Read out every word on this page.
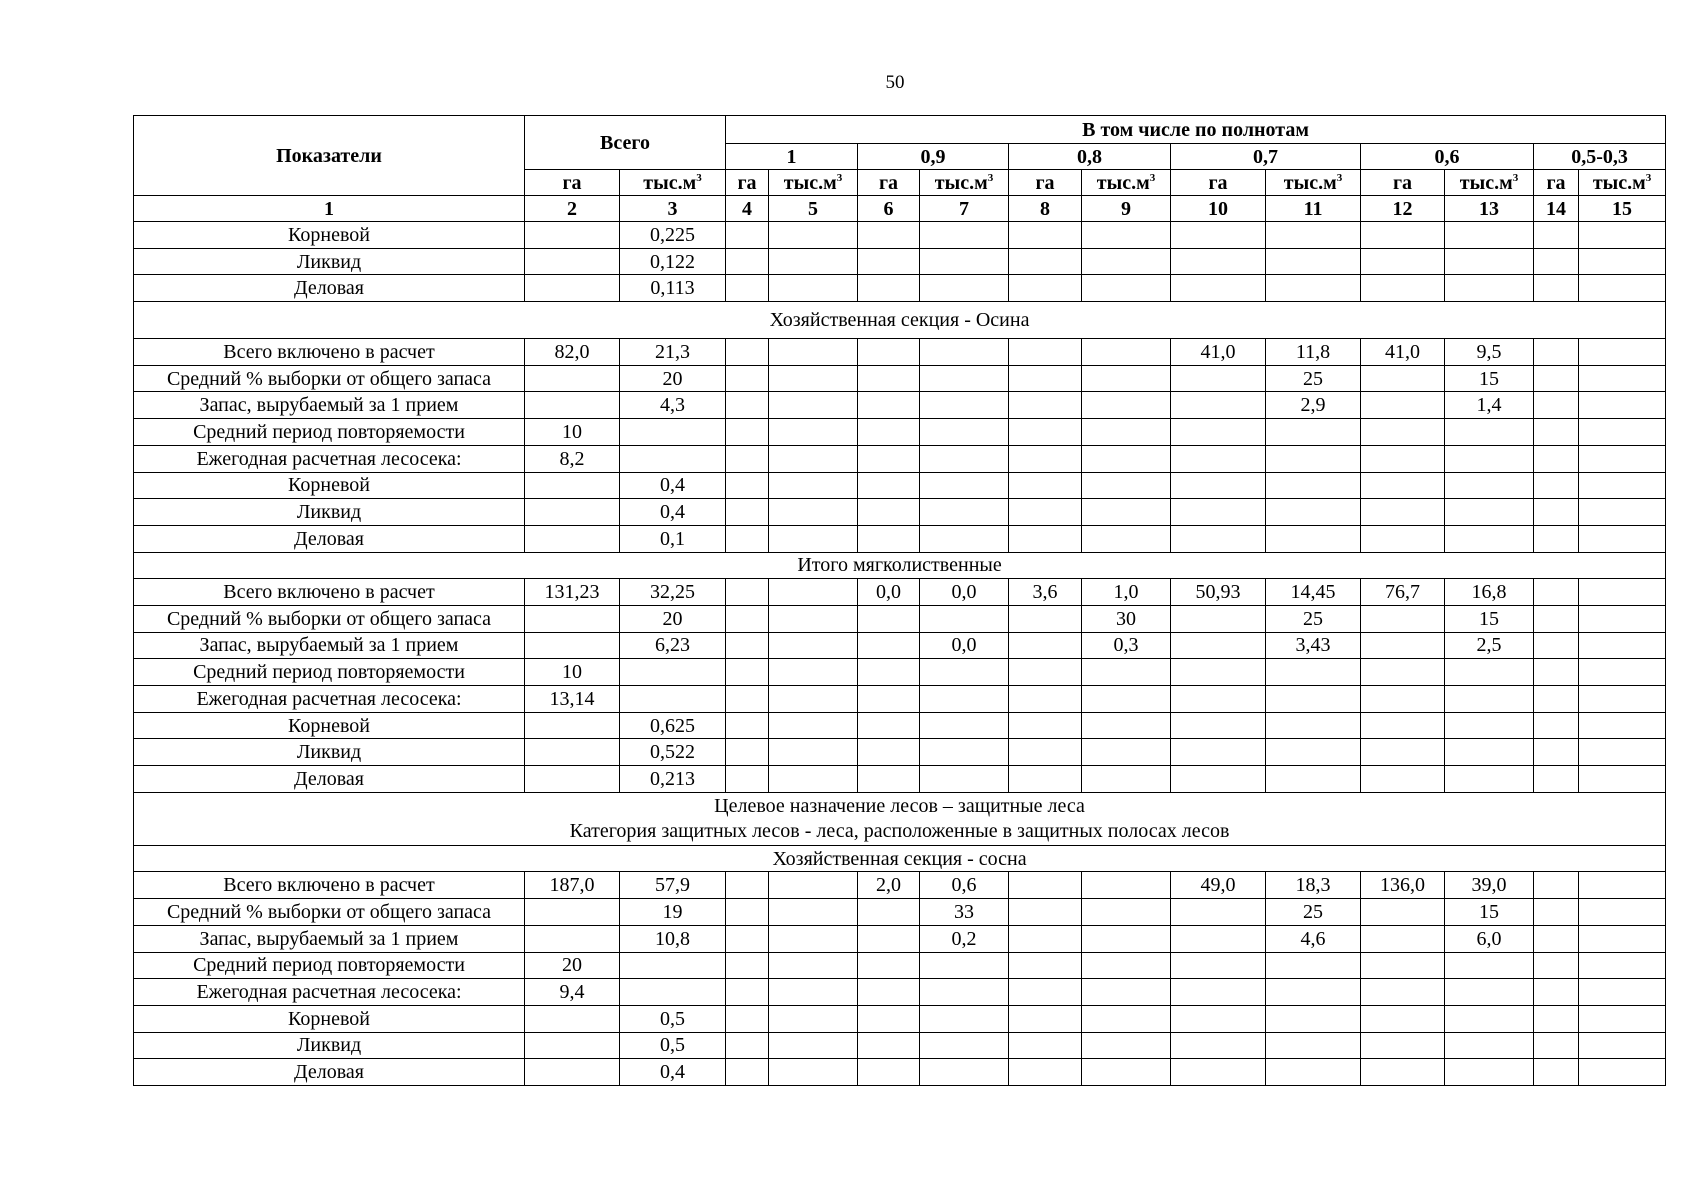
50
Показатели	Всего		В том числе по полнотам											
			1		0,9		0,8		0,7		0,6		0,5-0,3	
	га	$тыс.м^3$	га	$тыс.м^3$	га	$тыс.м^3$	га	$тыс.м^3$	га	$тыс.м^3$	га	$тыс.м^3$	га	$тыс.м^3$
1	2	3	4	5	6	7	8	9	10	11	12	13	14	15
Корневой		0,225												
Ликвид		0,122												
Деловая		0,113												
Хозяйственная секция - Осина														
Всего включено в расчет	82,0	21,3							41,0	11,8	41,0	9,5		
Средний % выборки от общего запаса		20								25		15		
Запас, вырубаемый за 1 прием		4,3								2,9		1,4		
Средний период повторяемости	10													
Ежегодная расчетная лесосека:	8,2													
Корневой		0,4												
Ликвид		0,4												
Деловая		0,1												
Итого мягколиственные														
Всего включено в расчет	131,23	32,25			0,0	0,0	3,6	1,0	50,93	14,45	76,7	16,8		
Средний % выборки от общего запаса		20						30		25		15		
Запас, вырубаемый за 1 прием		6,23				0,0		0,3		3,43		2,5		
Средний период повторяемости	10													
Ежегодная расчетная лесосека:	13,14													
Корневой		0,625												
Ликвид		0,522												
Деловая		0,213												

Целевое назначение лесов – защитные леса
Категория защитных лесов - леса, расположенные в защитных полосах лесов														

Хозяйственная секция - сосна														
Всего включено в расчет	187,0	57,9			2,0	0,6			49,0	18,3	136,0	39,0		
Средний % выборки от общего запаса		19				33				25		15		
Запас, вырубаемый за 1 прием		10,8				0,2				4,6		6,0		
Средний период повторяемости	20													
Ежегодная расчетная лесосека:	9,4													
Корневой		0,5												
Ликвид		0,5												
Деловая		0,4												
